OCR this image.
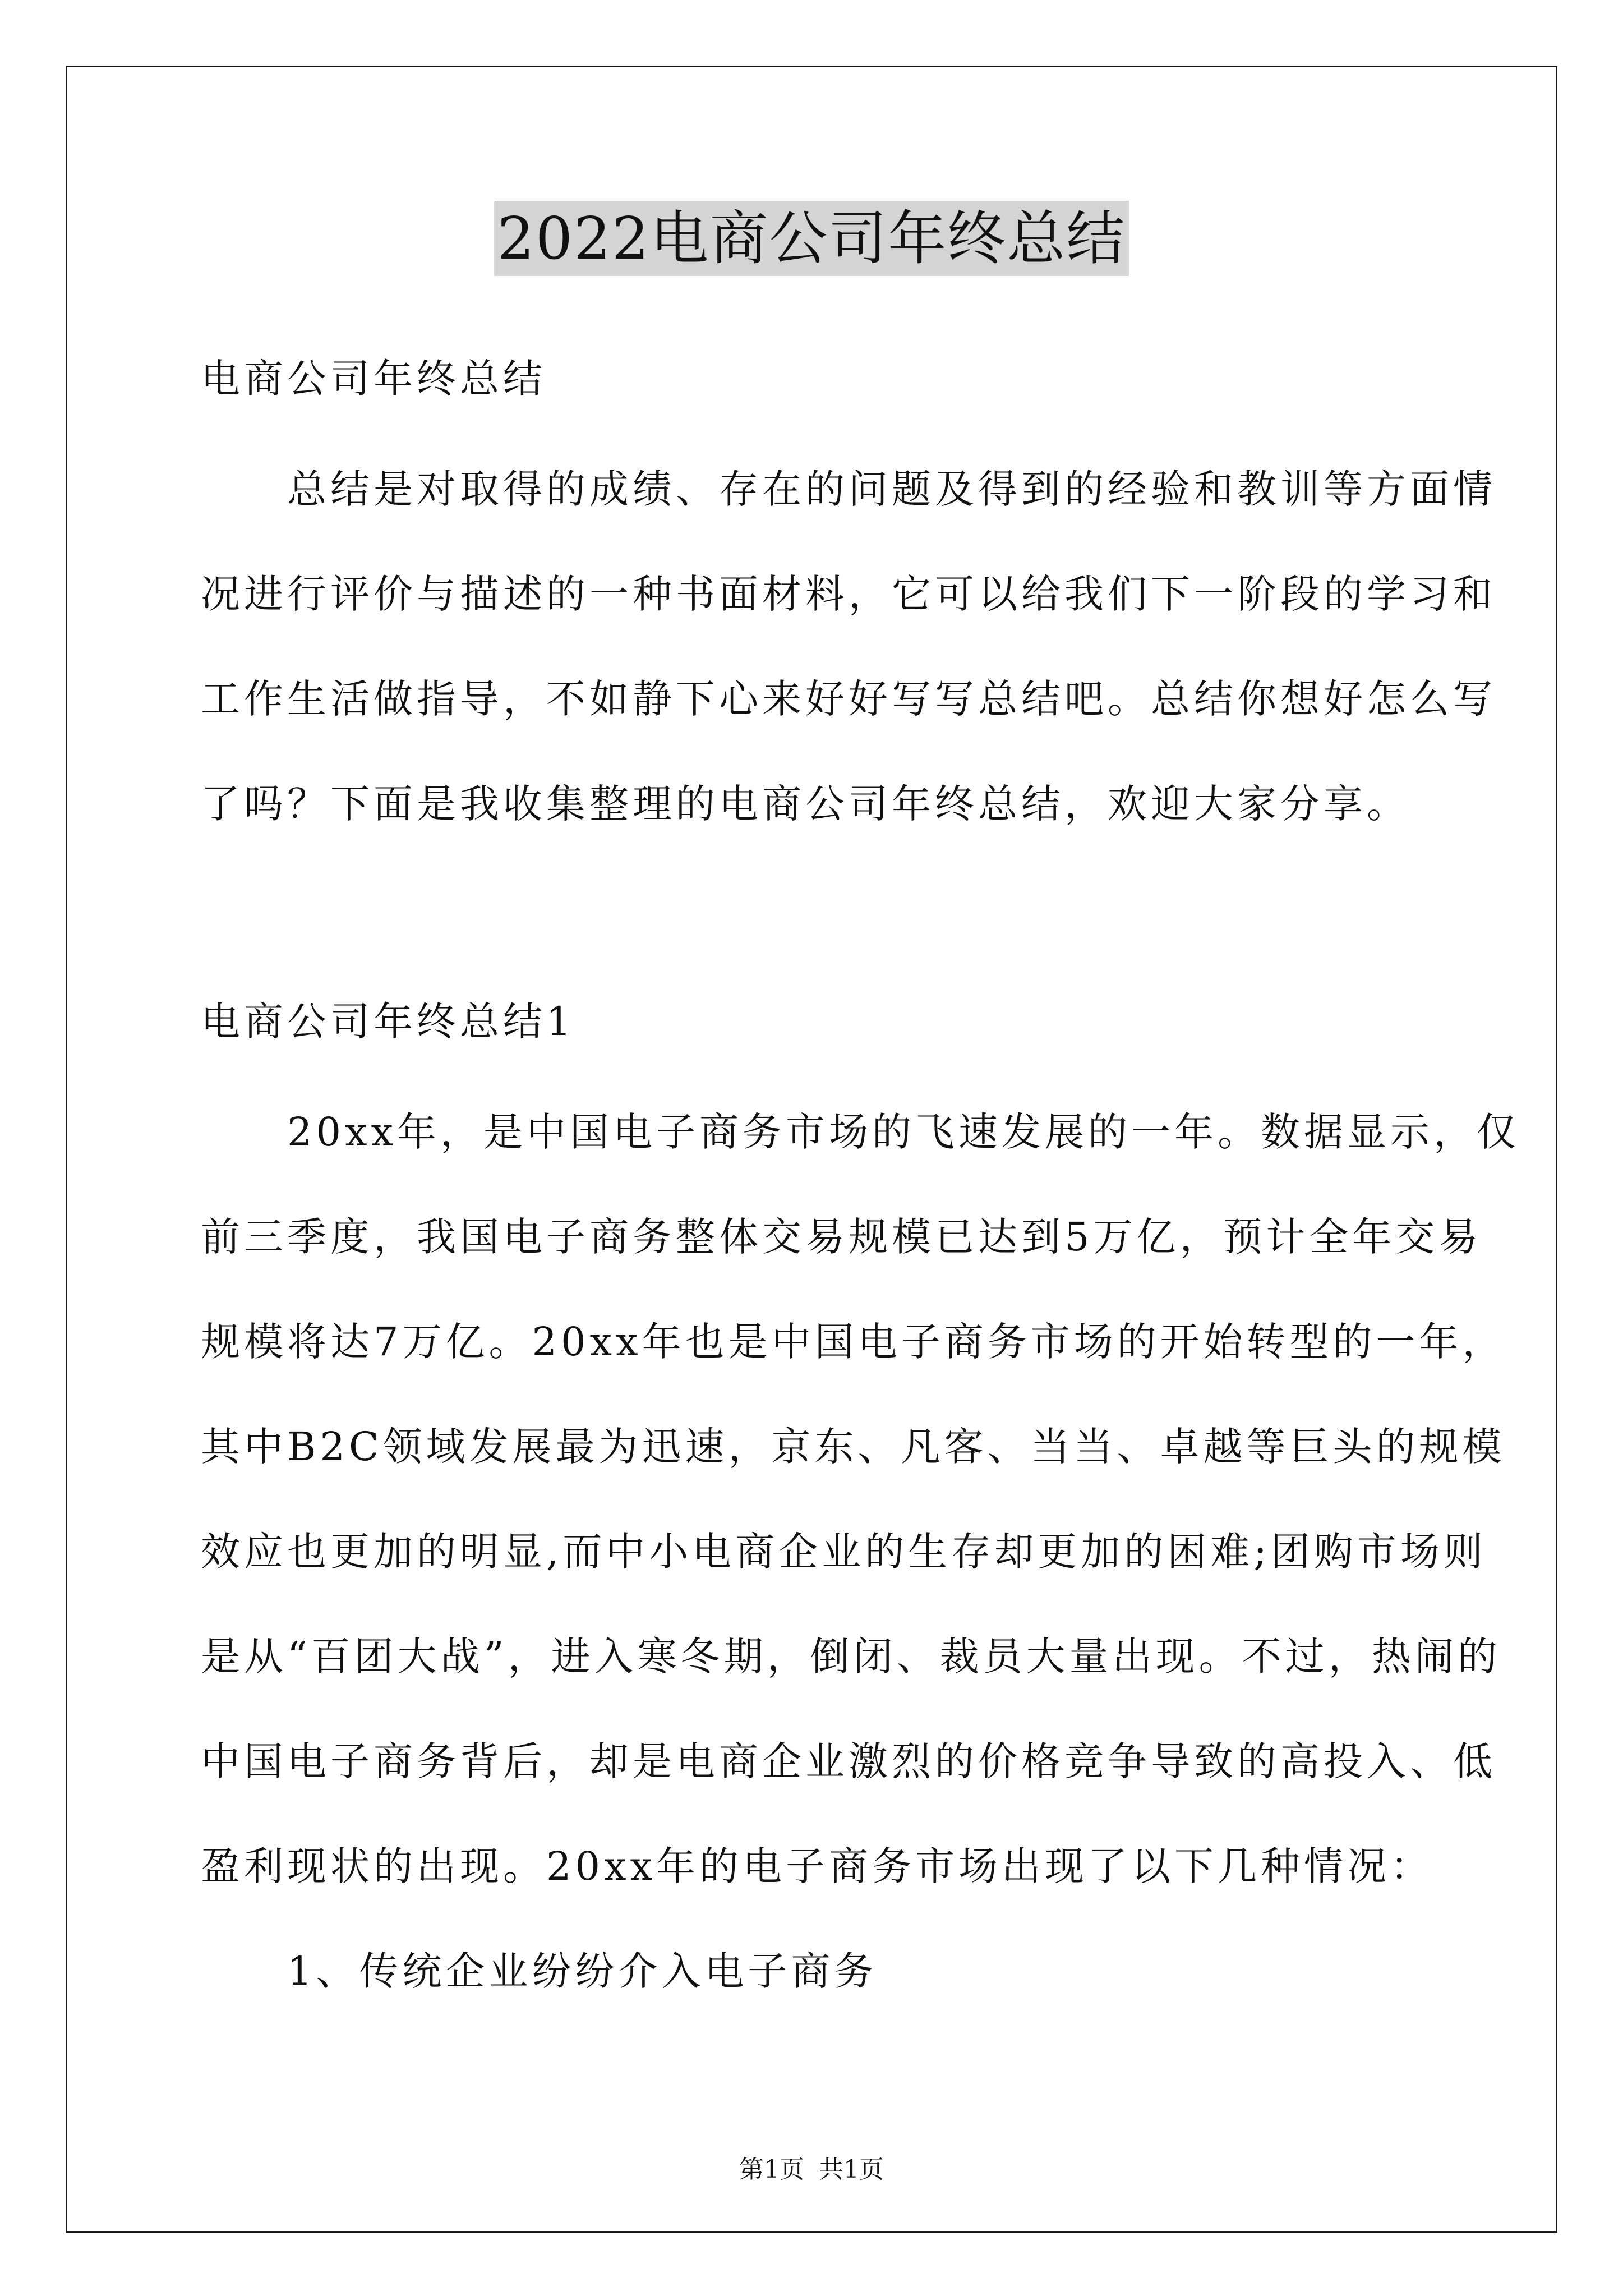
2022电商公司年终总结
电商公司年终总结
　　总结是对取得的成绩、存在的问题及得到的经验和教训等方面情
况进行评价与描述的一种书面材料，它可以给我们下一阶段的学习和
工作生活做指导，不如静下心来好好写写总结吧。总结你想好怎么写
了吗？下面是我收集整理的电商公司年终总结，欢迎大家分享。
电商公司年终总结1
　　20xx年，是中国电子商务市场的飞速发展的一年。数据显示，仅
前三季度，我国电子商务整体交易规模已达到5万亿，预计全年交易
规模将达7万亿。20xx年也是中国电子商务市场的开始转型的一年，
其中B2C领域发展最为迅速，京东、凡客、当当、卓越等巨头的规模
效应也更加的明显,而中小电商企业的生存却更加的困难;团购市场则
是从“百团大战”，进入寒冬期，倒闭、裁员大量出现。不过，热闹的
中国电子商务背后，却是电商企业激烈的价格竞争导致的高投入、低
盈利现状的出现。20xx年的电子商务市场出现了以下几种情况：
　　1、传统企业纷纷介入电子商务
第1页 共1页
